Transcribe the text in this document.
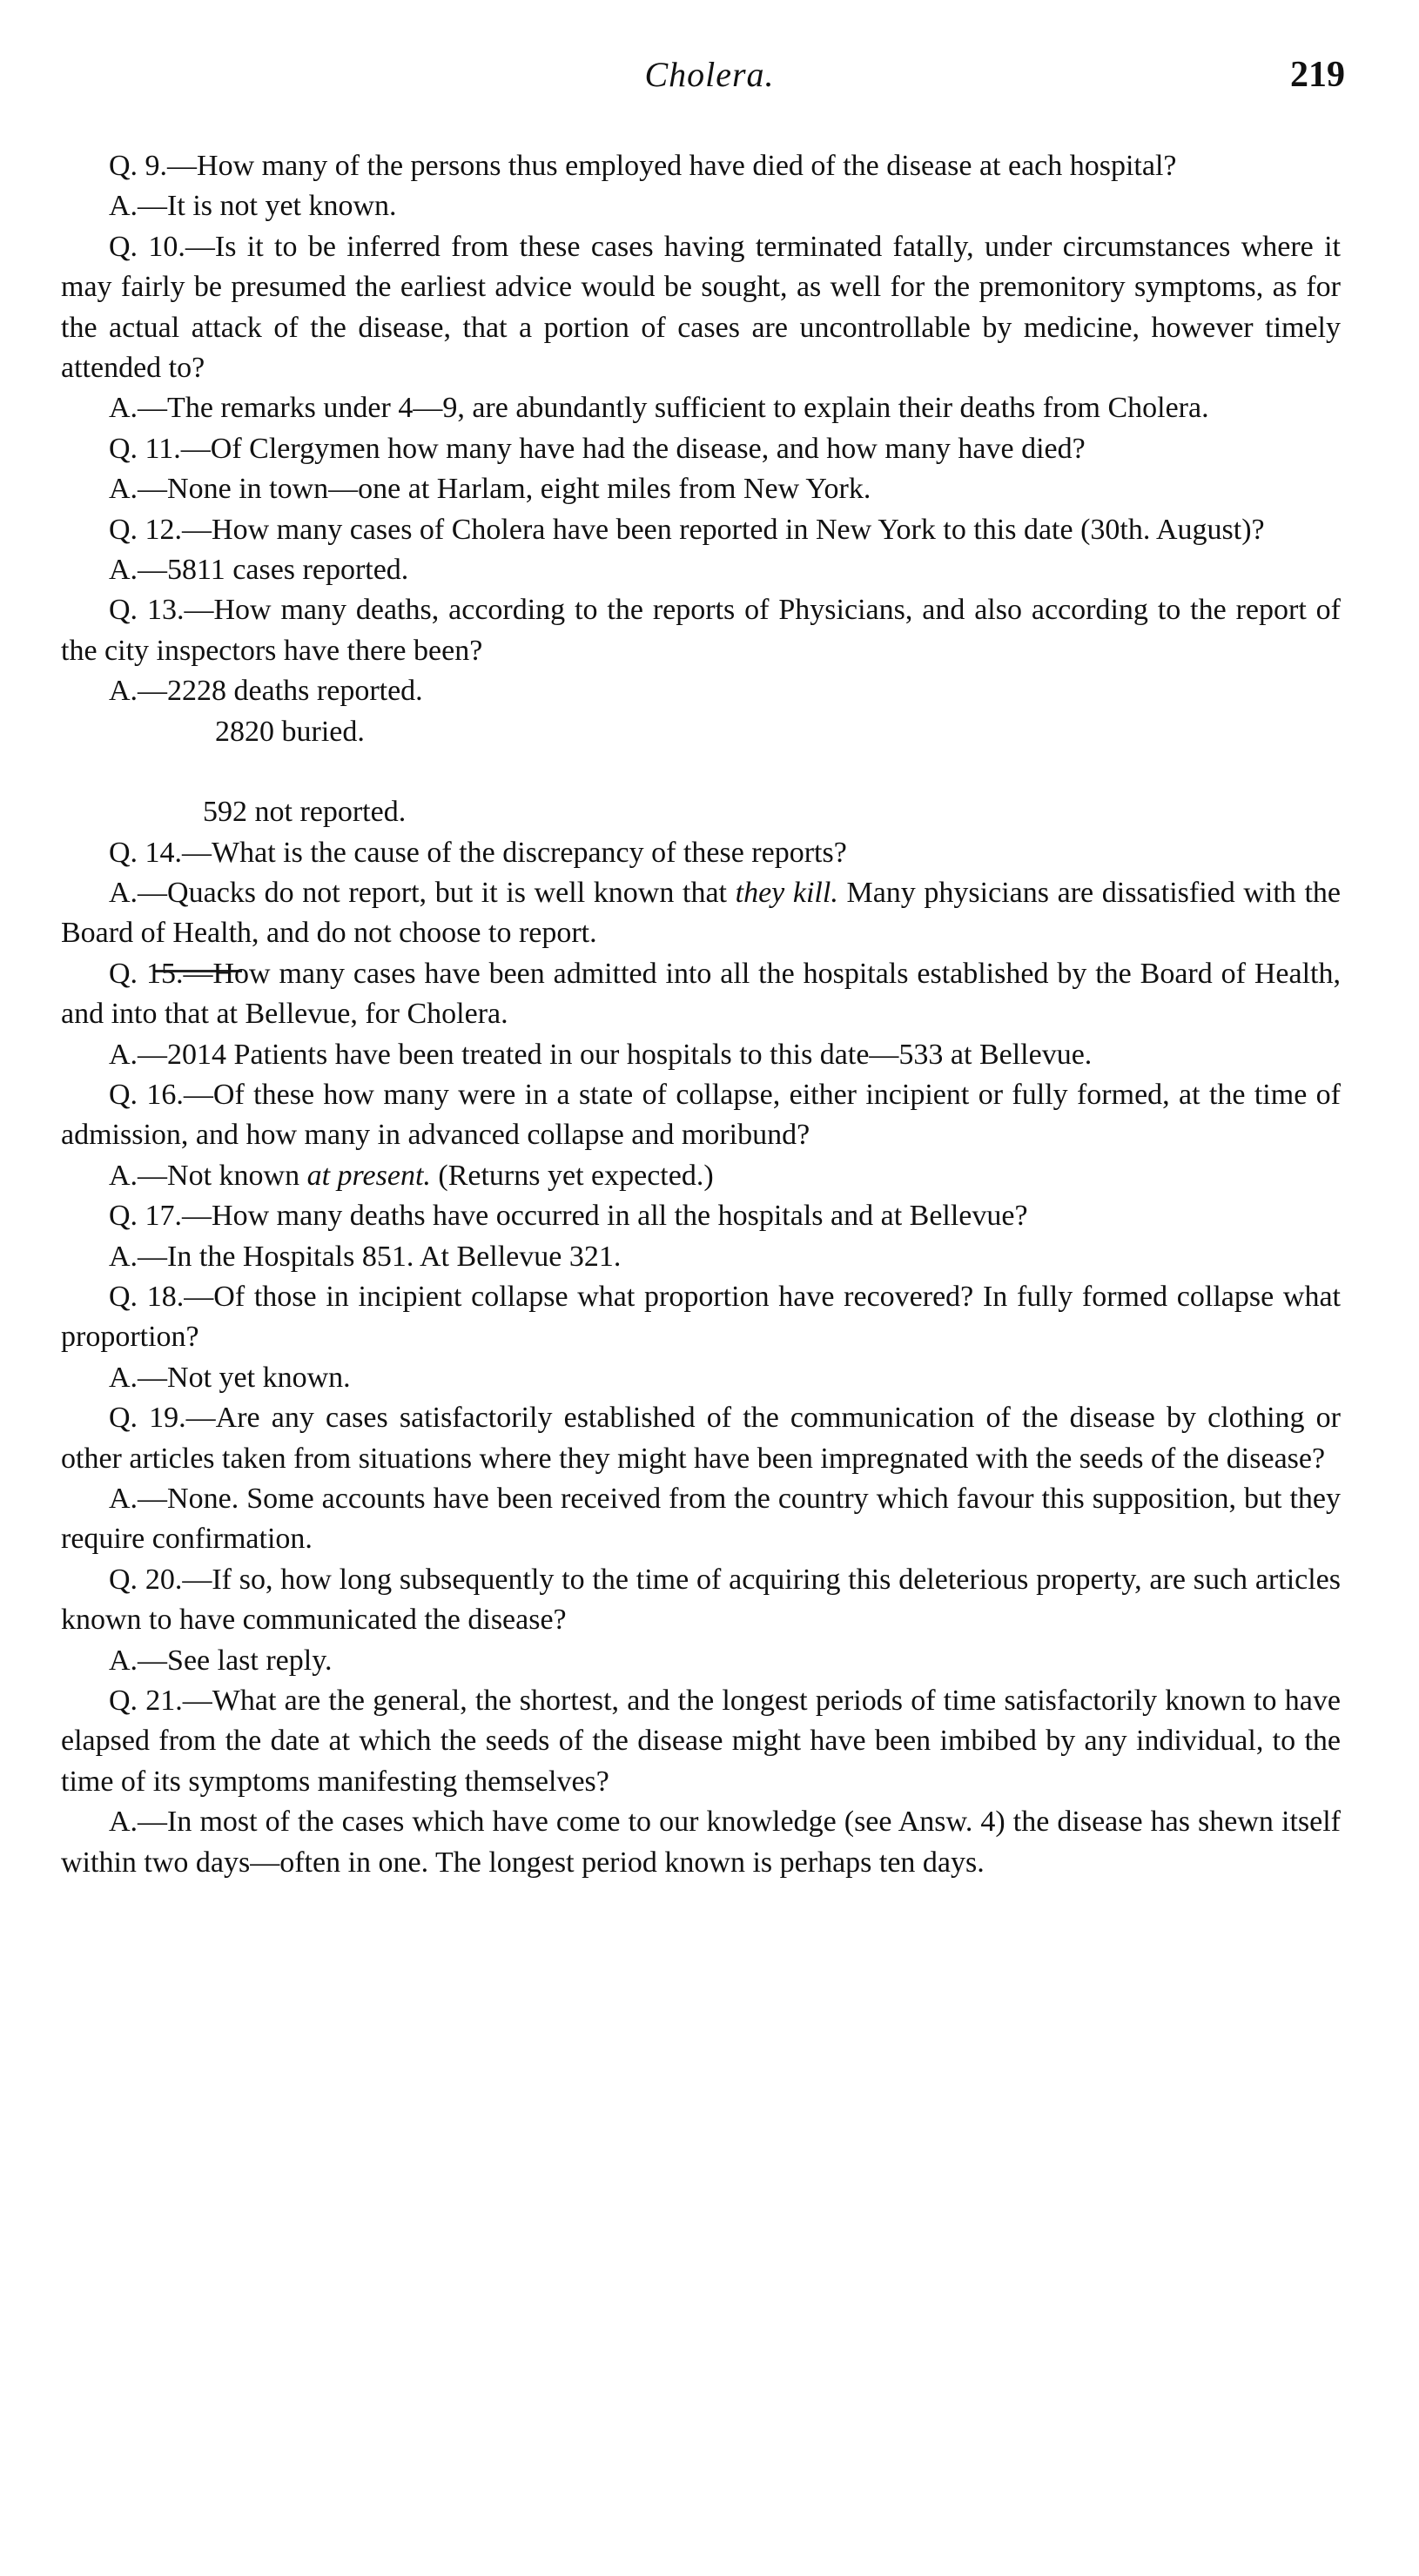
Cholera.	219

Q. 9.—How many of the persons thus employed have died of the disease at each hospital?

A.—It is not yet known.

Q. 10.—Is it to be inferred from these cases having terminated fatally, under circumstances where it may fairly be presumed the earliest advice would be sought, as well for the premonitory symptoms, as for the actual attack of the disease, that a portion of cases are uncontrollable by medicine, however timely attended to?

A.—The remarks under 4—9, are abundantly sufficient to explain their deaths from Cholera.

Q. 11.—Of Clergymen how many have had the disease, and how many have died?

A.—None in town—one at Harlam, eight miles from New York.

Q. 12.—How many cases of Cholera have been reported in New York to this date (30th. August)?

A.—5811 cases reported.

Q. 13.—How many deaths, according to the reports of Physicians, and also according to the report of the city inspectors have there been?

A.—2228 deaths reported.

2820 buried.

592 not reported.

Q. 14.—What is the cause of the discrepancy of these reports?

A.—Quacks do not report, but it is well known that they kill. Many physicians are dissatisfied with the Board of Health, and do not choose to report.

Q. 15.—How many cases have been admitted into all the hospitals established by the Board of Health, and into that at Bellevue, for Cholera.

A.—2014 Patients have been treated in our hospitals to this date—533 at Bellevue.

Q. 16.—Of these how many were in a state of collapse, either incipient or fully formed, at the time of admission, and how many in advanced collapse and moribund?

A.—Not known at present. (Returns yet expected.)

Q. 17.—How many deaths have occurred in all the hospitals and at Bellevue?

A.—In the Hospitals 851. At Bellevue 321.

Q. 18.—Of those in incipient collapse what proportion have recovered? In fully formed collapse what proportion?

A.—Not yet known.

Q. 19.—Are any cases satisfactorily established of the communication of the disease by clothing or other articles taken from situations where they might have been impregnated with the seeds of the disease?

A.—None. Some accounts have been received from the country which favour this supposition, but they require confirmation.

Q. 20.—If so, how long subsequently to the time of acquiring this deleterious property, are such articles known to have communicated the disease?

A.—See last reply.

Q. 21.—What are the general, the shortest, and the longest periods of time satisfactorily known to have elapsed from the date at which the seeds of the disease might have been imbibed by any individual, to the time of its symptoms manifesting themselves?

A.—In most of the cases which have come to our knowledge (see Answ. 4) the disease has shewn itself within two days—often in one. The longest period known is perhaps ten days.
